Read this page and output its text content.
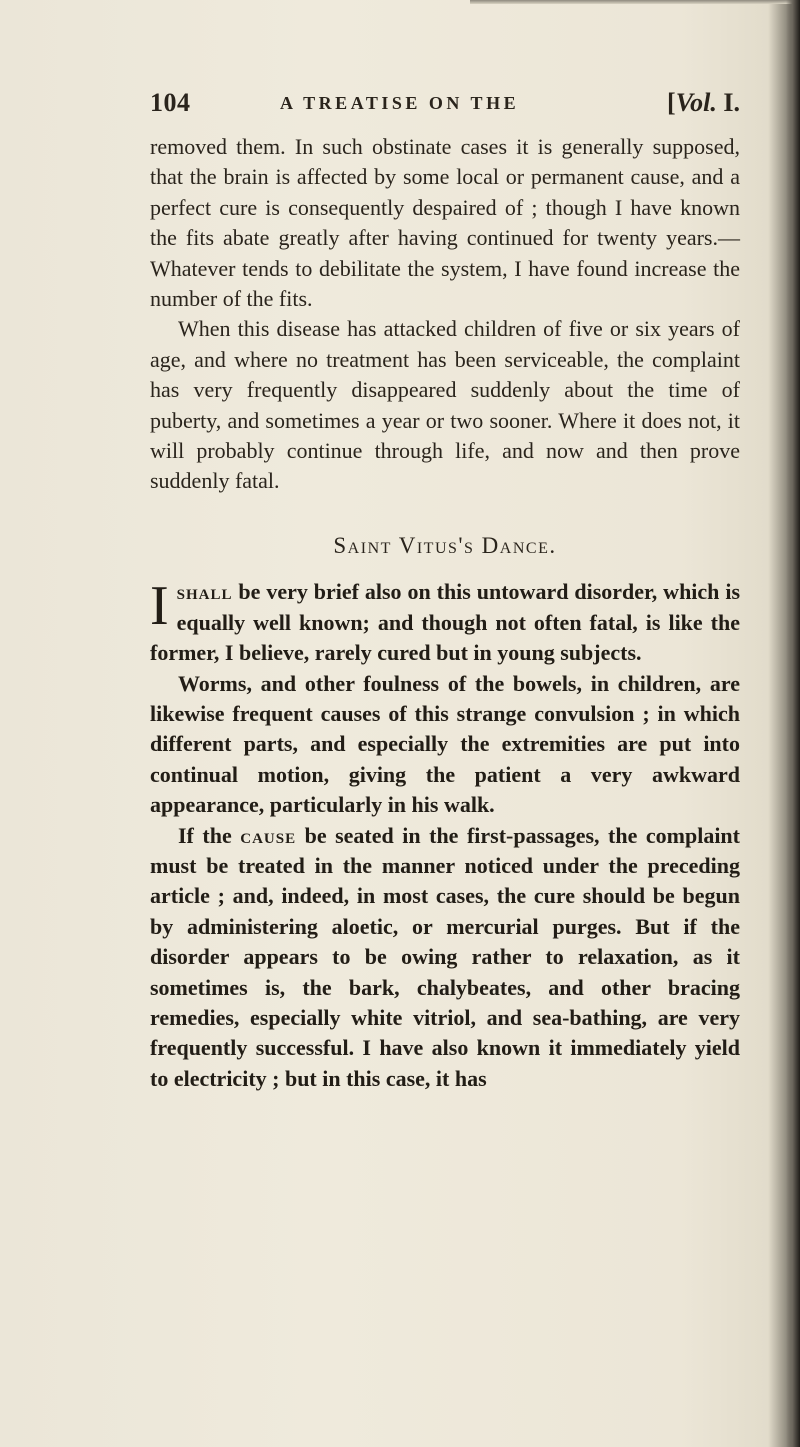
104	A TREATISE ON THE	[Vol. I.

removed them. In such obstinate cases it is generally supposed, that the brain is affected by some local or permanent cause, and a perfect cure is consequently despaired of ; though I have known the fits abate greatly after having continued for twenty years.—Whatever tends to debilitate the system, I have found increase the number of the fits.

When this disease has attacked children of five or six years of age, and where no treatment has been serviceable, the complaint has very frequently disappeared suddenly about the time of puberty, and sometimes a year or two sooner. Where it does not, it will probably continue through life, and now and then prove suddenly fatal.

Saint Vitus's Dance.

Ishall be very brief also on this untoward disorder, which is equally well known; and though not often fatal, is like the former, I believe, rarely cured but in young subjects.

Worms, and other foulness of the bowels, in children, are likewise frequent causes of this strange convulsion ; in which different parts, and especially the extremities are put into continual motion, giving the patient a very awkward appearance, particularly in his walk.

If the cause be seated in the first-passages, the complaint must be treated in the manner noticed under the preceding article ; and, indeed, in most cases, the cure should be begun by administering aloetic, or mercurial purges. But if the disorder appears to be owing rather to relaxation, as it sometimes is, the bark, chalybeates, and other bracing remedies, especially white vitriol, and sea-bathing, are very frequently successful. I have also known it immediately yield to electricity ; but in this case, it has
